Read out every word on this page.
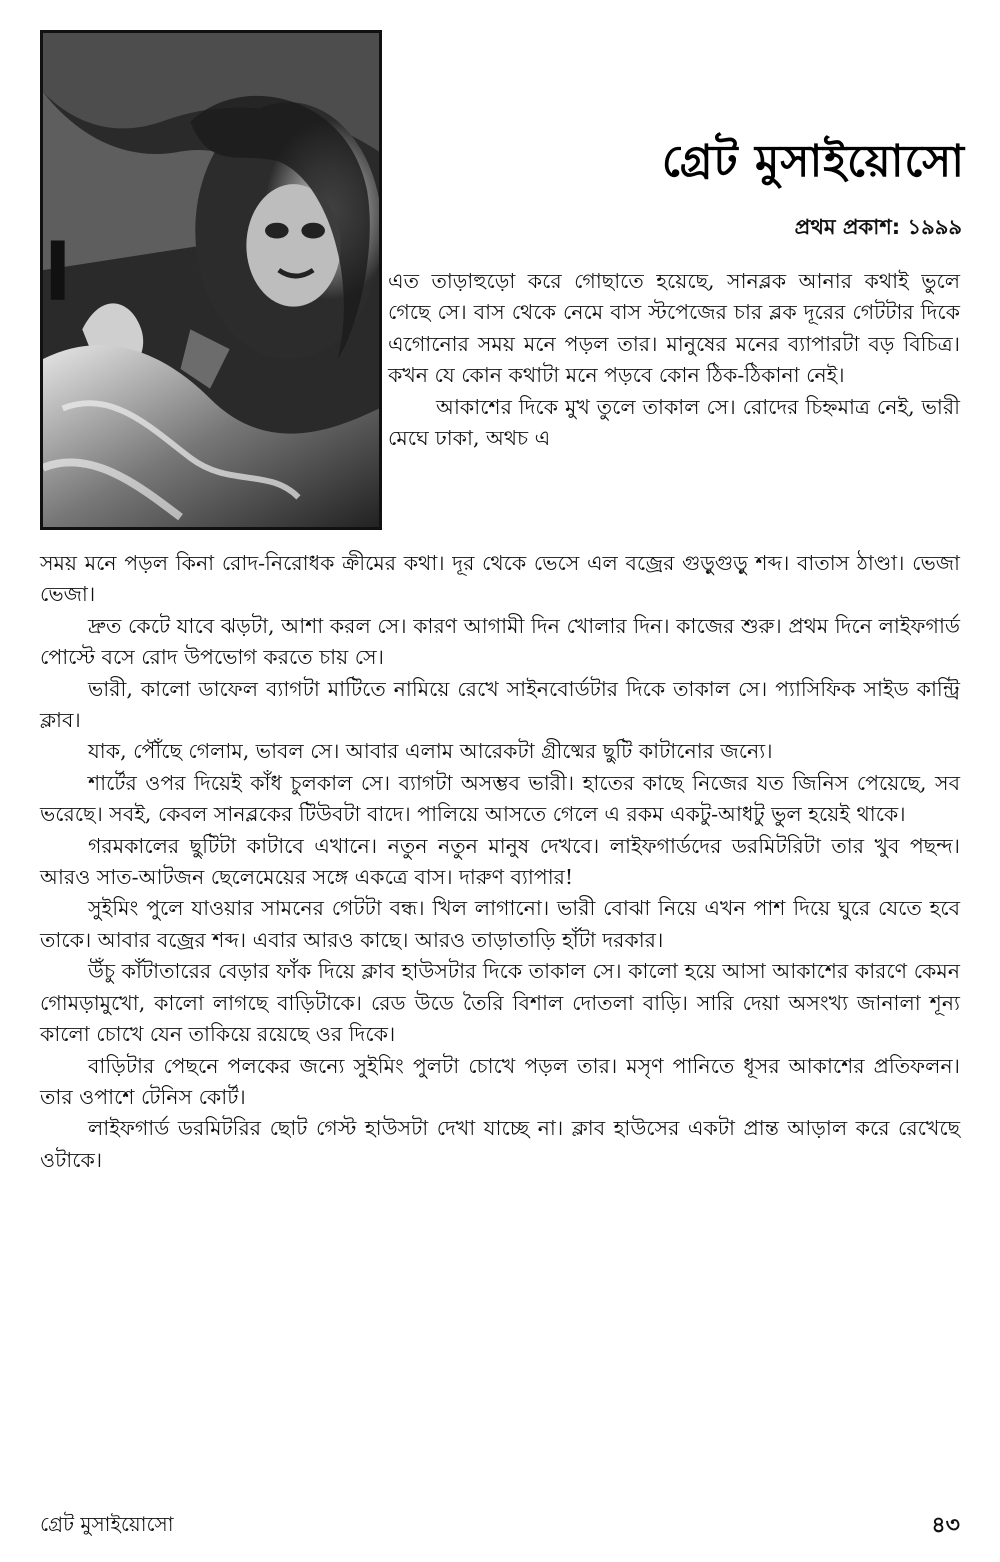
গ্রেট মুসাইয়োসো
প্রথম প্রকাশ: ১৯৯৯

এত তাড়াহুড়ো করে গোছাতে হয়েছে, সানব্লক আনার কথাই ভুলে গেছে সে। বাস থেকে নেমে বাস স্টপেজের চার ব্লক দূরের গেটটার দিকে এগোনোর সময় মনে পড়ল তার। মানুষের মনের ব্যাপারটা বড় বিচিত্র। কখন যে কোন কথাটা মনে পড়বে কোন ঠিক-ঠিকানা নেই।

আকাশের দিকে মুখ তুলে তাকাল সে। রোদের চিহ্নমাত্র নেই, ভারী মেঘে ঢাকা, অথচ এ

সময় মনে পড়ল কিনা রোদ-নিরোধক ক্রীমের কথা। দূর থেকে ভেসে এল বজ্রের গুড়ুগুড়ু শব্দ। বাতাস ঠাণ্ডা। ভেজা ভেজা।

দ্রুত কেটে যাবে ঝড়টা, আশা করল সে। কারণ আগামী দিন খোলার দিন। কাজের শুরু। প্রথম দিনে লাইফগার্ড পোস্টে বসে রোদ উপভোগ করতে চায় সে।

ভারী, কালো ডাফেল ব্যাগটা মাটিতে নামিয়ে রেখে সাইনবোর্ডটার দিকে তাকাল সে। প্যাসিফিক সাইড কান্ট্রি ক্লাব।

যাক, পৌঁছে গেলাম, ভাবল সে। আবার এলাম আরেকটা গ্রীষ্মের ছুটি কাটানোর জন্যে।

শার্টের ওপর দিয়েই কাঁধ চুলকাল সে। ব্যাগটা অসম্ভব ভারী। হাতের কাছে নিজের যত জিনিস পেয়েছে, সব ভরেছে। সবই, কেবল সানব্লকের টিউবটা বাদে। পালিয়ে আসতে গেলে এ রকম একটু-আধটু ভুল হয়েই থাকে।

গরমকালের ছুটিটা কাটাবে এখানে। নতুন নতুন মানুষ দেখবে। লাইফগার্ডদের ডরমিটরিটা তার খুব পছন্দ। আরও সাত-আটজন ছেলেমেয়ের সঙ্গে একত্রে বাস। দারুণ ব্যাপার!

সুইমিং পুলে যাওয়ার সামনের গেটটা বন্ধ। খিল লাগানো। ভারী বোঝা নিয়ে এখন পাশ দিয়ে ঘুরে যেতে হবে তাকে। আবার বজ্রের শব্দ। এবার আরও কাছে। আরও তাড়াতাড়ি হাঁটা দরকার।

উঁচু কাঁটাতারের বেড়ার ফাঁক দিয়ে ক্লাব হাউসটার দিকে তাকাল সে। কালো হয়ে আসা আকাশের কারণে কেমন গোমড়ামুখো, কালো লাগছে বাড়িটাকে। রেড উডে তৈরি বিশাল দোতলা বাড়ি। সারি দেয়া অসংখ্য জানালা শূন্য কালো চোখে যেন তাকিয়ে রয়েছে ওর দিকে।

বাড়িটার পেছনে পলকের জন্যে সুইমিং পুলটা চোখে পড়ল তার। মসৃণ পানিতে ধূসর আকাশের প্রতিফলন। তার ওপাশে টেনিস কোর্ট।

লাইফগার্ড ডরমিটরির ছোট গেস্ট হাউসটা দেখা যাচ্ছে না। ক্লাব হাউসের একটা প্রান্ত আড়াল করে রেখেছে ওটাকে।

গ্রেট মুসাইয়োসো	৪৩
